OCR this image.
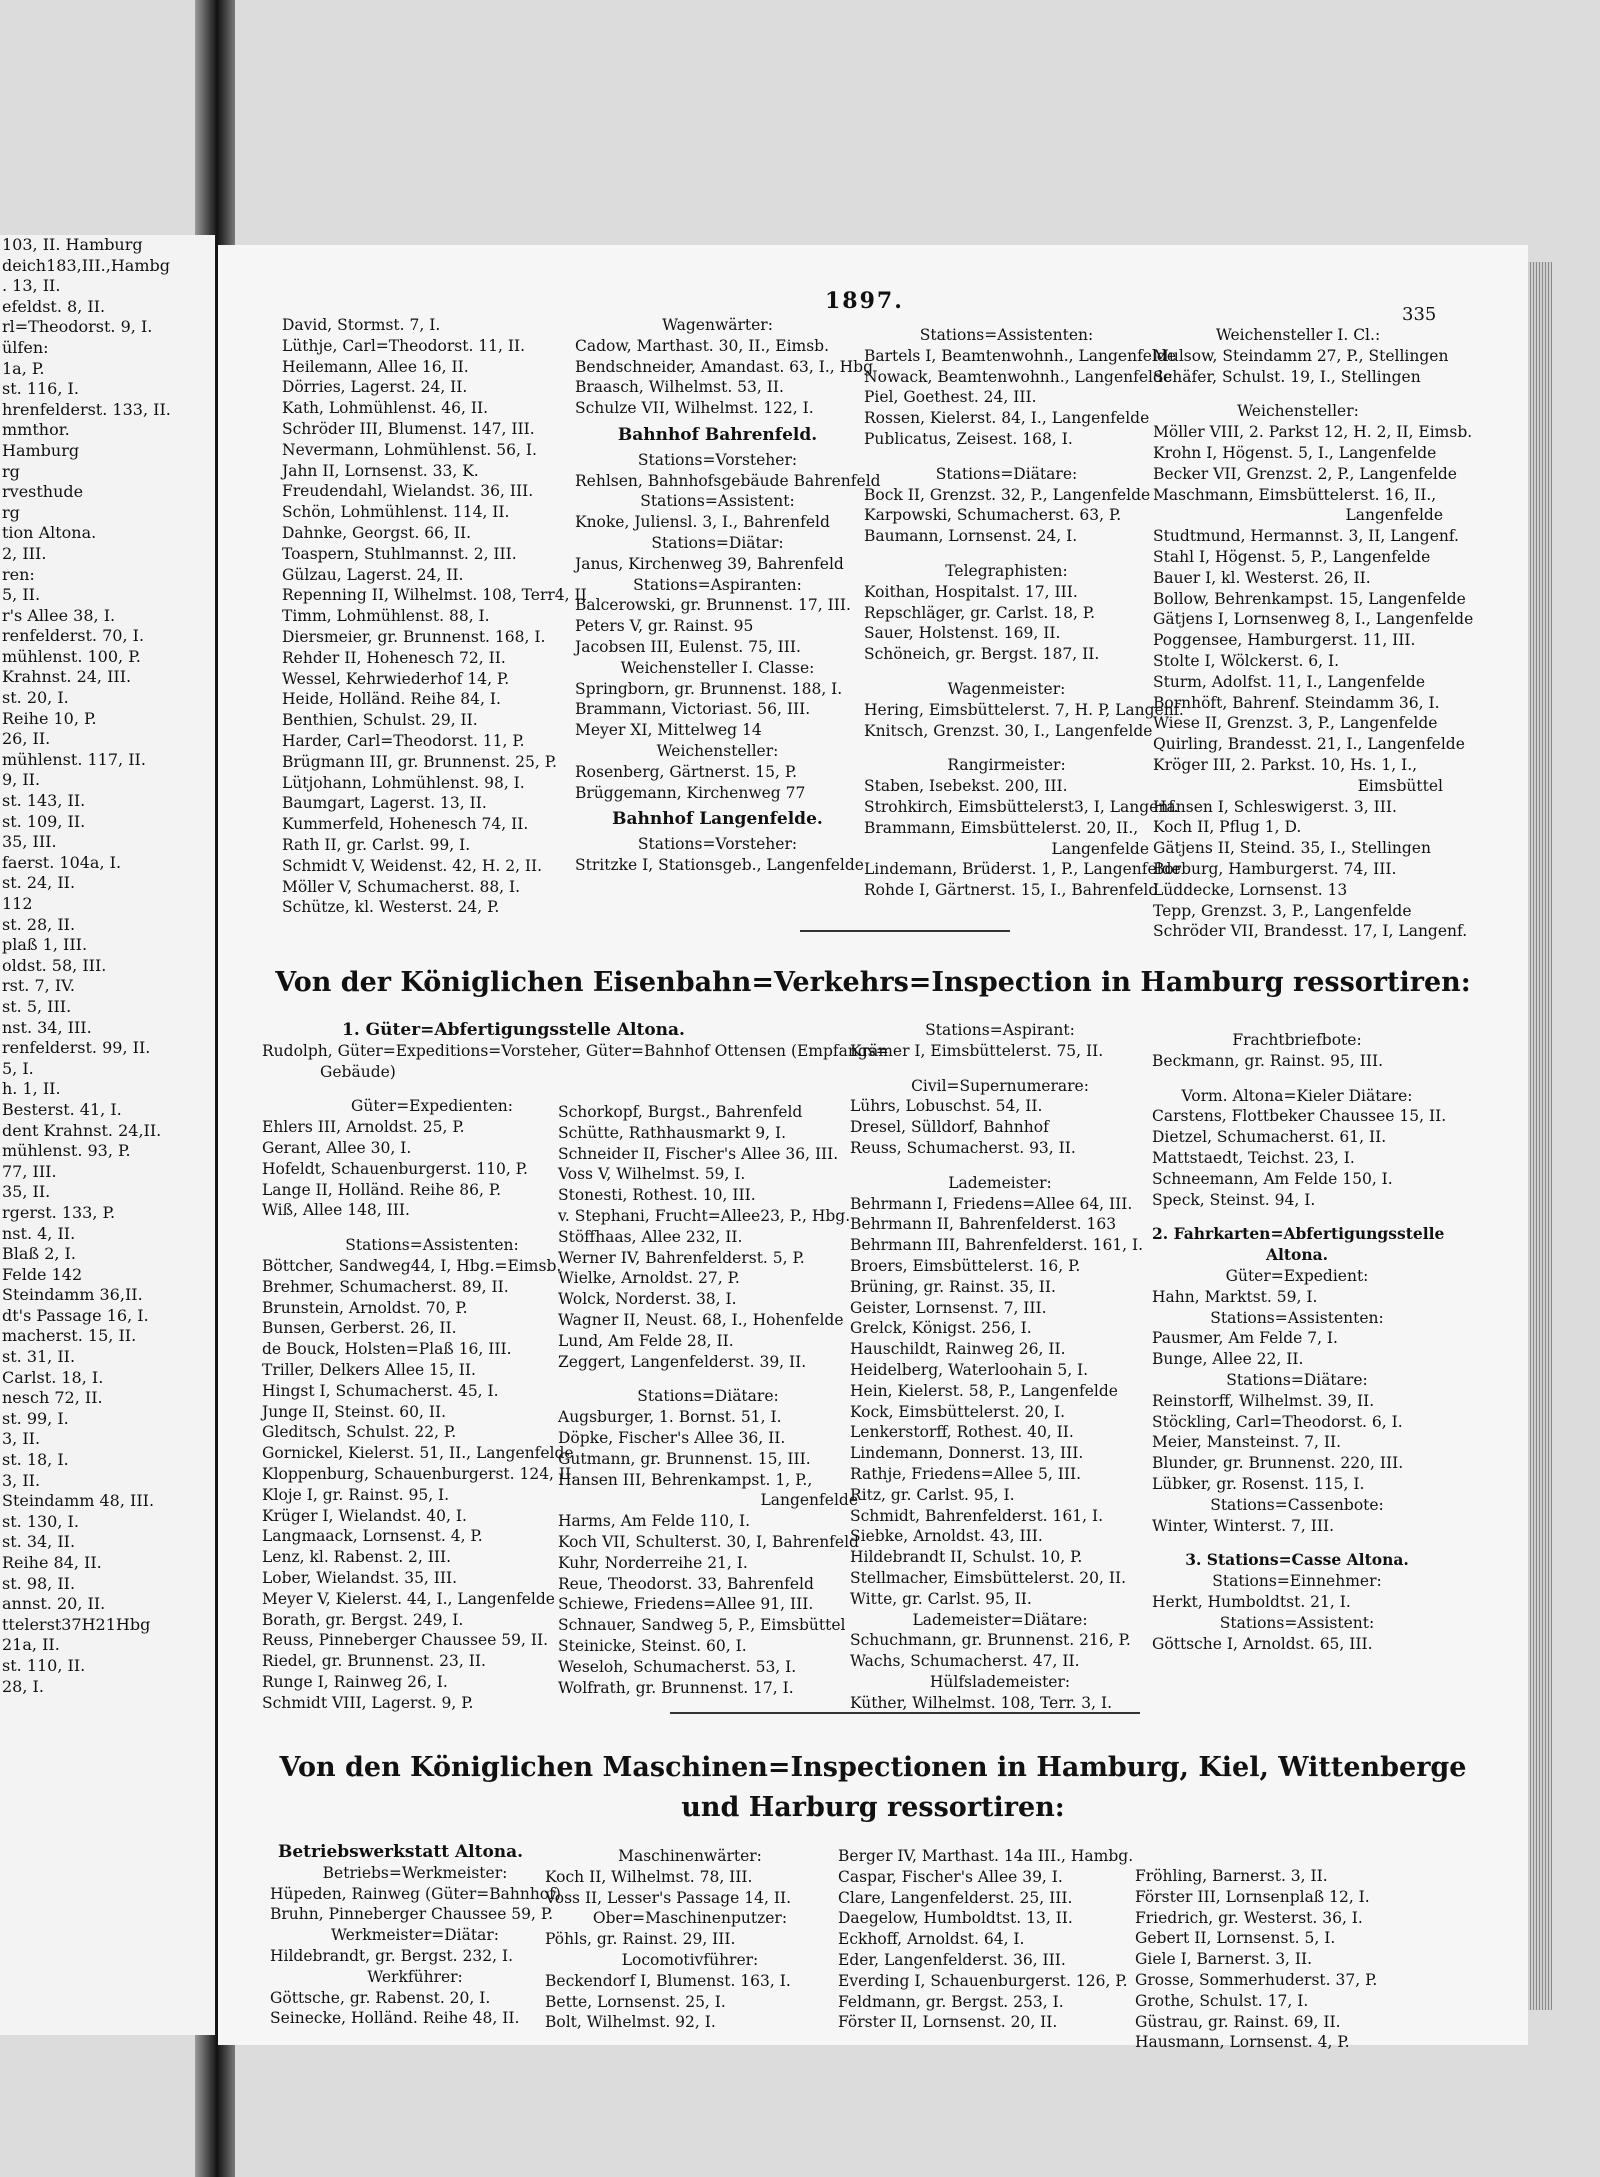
103, II. Hamburg
deich183,III.,Hambg
. 13, II.
efeldst. 8, II.
rl=Theodorst. 9, I.
ülfen:
1a, P.
st. 116, I.
hrenfelderst. 133, II.
mmthor.
Hamburg
rg
rvesthude
rg
tion Altona.
2, III.
ren:
5, II.
r's Allee 38, I.
renfelderst. 70, I.
mühlenst. 100, P.
Krahnst. 24, III.
st. 20, I.
Reihe 10, P.
26, II.
mühlenst. 117, II.
9, II.
st. 143, II.
st. 109, II.
35, III.
faerst. 104a, I.
st. 24, II.
112
st. 28, II.
plaß 1, III.
oldst. 58, III.
rst. 7, IV.
st. 5, III.
nst. 34, III.
renfelderst. 99, II.
5, I.
h. 1, II.
Besterst. 41, I.
dent Krahnst. 24,II.
mühlenst. 93, P.
77, III.
35, II.
rgerst. 133, P.
nst. 4, II.
Blaß 2, I.
Felde 142
Steindamm 36,II.
dt's Passage 16, I.
macherst. 15, II.
st. 31, II.
Carlst. 18, I.
nesch 72, II.
st. 99, I.
3, II.
st. 18, I.
3, II.
Steindamm 48, III.
st. 130, I.
st. 34, II.
Reihe 84, II.
st. 98, II.
annst. 20, II.
ttelerst37H21Hbg
21a, II.
st. 110, II.
28, I.
1897.
335
David, Stormst. 7, I.
Lüthje, Carl=Theodorst. 11, II.
Heilemann, Allee 16, II.
Dörries, Lagerst. 24, II.
Kath, Lohmühlenst. 46, II.
Schröder III, Blumenst. 147, III.
Nevermann, Lohmühlenst. 56, I.
Jahn II, Lornsenst. 33, K.
Freudendahl, Wielandst. 36, III.
Schön, Lohmühlenst. 114, II.
Dahnke, Georgst. 66, II.
Toaspern, Stuhlmannst. 2, III.
Gülzau, Lagerst. 24, II.
Repenning II, Wilhelmst. 108, Terr4, II
Timm, Lohmühlenst. 88, I.
Diersmeier, gr. Brunnenst. 168, I.
Rehder II, Hohenesch 72, II.
Wessel, Kehrwiederhof 14, P.
Heide, Holländ. Reihe 84, I.
Benthien, Schulst. 29, II.
Harder, Carl=Theodorst. 11, P.
Brügmann III, gr. Brunnenst. 25, P.
Lütjohann, Lohmühlenst. 98, I.
Baumgart, Lagerst. 13, II.
Kummerfeld, Hohenesch 74, II.
Rath II, gr. Carlst. 99, I.
Schmidt V, Weidenst. 42, H. 2, II.
Möller V, Schumacherst. 88, I.
Schütze, kl. Westerst. 24, P.
Wagenwärter:
Cadow, Marthast. 30, II., Eimsb.
Bendschneider, Amandast. 63, I., Hbg
Braasch, Wilhelmst. 53, II.
Schulze VII, Wilhelmst. 122, I.
Bahnhof Bahrenfeld.
Stations=Vorsteher:
Rehlsen, Bahnhofsgebäude Bahrenfeld
Stations=Assistent:
Knoke, Juliensl. 3, I., Bahrenfeld
Stations=Diätar:
Janus, Kirchenweg 39, Bahrenfeld
Stations=Aspiranten:
Balcerowski, gr. Brunnenst. 17, III.
Peters V, gr. Rainst. 95
Jacobsen III, Eulenst. 75, III.
Weichensteller I. Classe:
Springborn, gr. Brunnenst. 188, I.
Brammann, Victoriast. 56, III.
Meyer XI, Mittelweg 14
Weichensteller:
Rosenberg, Gärtnerst. 15, P.
Brüggemann, Kirchenweg 77
Bahnhof Langenfelde.
Stations=Vorsteher:
Stritzke I, Stationsgeb., Langenfelde
Stations=Assistenten:
Bartels I, Beamtenwohnh., Langenfelde
Nowack, Beamtenwohnh., Langenfelde
Piel, Goethest. 24, III.
Rossen, Kielerst. 84, I., Langenfelde
Publicatus, Zeisest. 168, I.
Stations=Diätare:
Bock II, Grenzst. 32, P., Langenfelde
Karpowski, Schumacherst. 63, P.
Baumann, Lornsenst. 24, I.
Telegraphisten:
Koithan, Hospitalst. 17, III.
Repschläger, gr. Carlst. 18, P.
Sauer, Holstenst. 169, II.
Schöneich, gr. Bergst. 187, II.
Wagenmeister:
Hering, Eimsbüttelerst. 7, H. P, Langenf.
Knitsch, Grenzst. 30, I., Langenfelde
Rangirmeister:
Staben, Isebekst. 200, III.
Strohkirch, Eimsbüttelerst3, I, Langenf.
Brammann, Eimsbüttelerst. 20, II.,
Langenfelde
Lindemann, Brüderst. 1, P., Langenfelde
Rohde I, Gärtnerst. 15, I., Bahrenfeld
Weichensteller I. Cl.:
Mulsow, Steindamm 27, P., Stellingen
Schäfer, Schulst. 19, I., Stellingen
Weichensteller:
Möller VIII, 2. Parkst 12, H. 2, II, Eimsb.
Krohn I, Högenst. 5, I., Langenfelde
Becker VII, Grenzst. 2, P., Langenfelde
Maschmann, Eimsbüttelerst. 16, II.,
Langenfelde
Studtmund, Hermannst. 3, II, Langenf.
Stahl I, Högenst. 5, P., Langenfelde
Bauer I, kl. Westerst. 26, II.
Bollow, Behrenkampst. 15, Langenfelde
Gätjens I, Lornsenweg 8, I., Langenfelde
Poggensee, Hamburgerst. 11, III.
Stolte I, Wölckerst. 6, I.
Sturm, Adolfst. 11, I., Langenfelde
Bornhöft, Bahrenf. Steindamm 36, I.
Wiese II, Grenzst. 3, P., Langenfelde
Quirling, Brandesst. 21, I., Langenfelde
Kröger III, 2. Parkst. 10, Hs. 1, I.,
Eimsbüttel
Hansen I, Schleswigerst. 3, III.
Koch II, Pflug 1, D.
Gätjens II, Steind. 35, I., Stellingen
Borburg, Hamburgerst. 74, III.
Lüddecke, Lornsenst. 13
Tepp, Grenzst. 3, P., Langenfelde
Schröder VII, Brandesst. 17, I, Langenf.
Von der Königlichen Eisenbahn=Verkehrs=Inspection in Hamburg ressortiren:
1. Güter=Abfertigungsstelle Altona.
Rudolph, Güter=Expeditions=Vorsteher, Güter=Bahnhof Ottensen (Empfangs=
Gebäude)
Güter=Expedienten:
Ehlers III, Arnoldst. 25, P.
Gerant, Allee 30, I.
Hofeldt, Schauenburgerst. 110, P.
Lange II, Holländ. Reihe 86, P.
Wiß, Allee 148, III.
Stations=Assistenten:
Böttcher, Sandweg44, I, Hbg.=Eimsb.
Brehmer, Schumacherst. 89, II.
Brunstein, Arnoldst. 70, P.
Bunsen, Gerberst. 26, II.
de Bouck, Holsten=Plaß 16, III.
Triller, Delkers Allee 15, II.
Hingst I, Schumacherst. 45, I.
Junge II, Steinst. 60, II.
Gleditsch, Schulst. 22, P.
Gornickel, Kielerst. 51, II., Langenfelde
Kloppenburg, Schauenburgerst. 124, II.
Kloje I, gr. Rainst. 95, I.
Krüger I, Wielandst. 40, I.
Langmaack, Lornsenst. 4, P.
Lenz, kl. Rabenst. 2, III.
Lober, Wielandst. 35, III.
Meyer V, Kielerst. 44, I., Langenfelde
Borath, gr. Bergst. 249, I.
Reuss, Pinneberger Chaussee 59, II.
Riedel, gr. Brunnenst. 23, II.
Runge I, Rainweg 26, I.
Schmidt VIII, Lagerst. 9, P.
Schorkopf, Burgst., Bahrenfeld
Schütte, Rathhausmarkt 9, I.
Schneider II, Fischer's Allee 36, III.
Voss V, Wilhelmst. 59, I.
Stonesti, Rothest. 10, III.
v. Stephani, Frucht=Allee23, P., Hbg.
Stöffhaas, Allee 232, II.
Werner IV, Bahrenfelderst. 5, P.
Wielke, Arnoldst. 27, P.
Wolck, Norderst. 38, I.
Wagner II, Neust. 68, I., Hohenfelde
Lund, Am Felde 28, II.
Zeggert, Langenfelderst. 39, II.
Stations=Diätare:
Augsburger, 1. Bornst. 51, I.
Döpke, Fischer's Allee 36, II.
Gutmann, gr. Brunnenst. 15, III.
Hansen III, Behrenkampst. 1, P.,
Langenfelde
Harms, Am Felde 110, I.
Koch VII, Schulterst. 30, I, Bahrenfeld
Kuhr, Norderreihe 21, I.
Reue, Theodorst. 33, Bahrenfeld
Schiewe, Friedens=Allee 91, III.
Schnauer, Sandweg 5, P., Eimsbüttel
Steinicke, Steinst. 60, I.
Weseloh, Schumacherst. 53, I.
Wolfrath, gr. Brunnenst. 17, I.
Stations=Aspirant:
Krämer I, Eimsbüttelerst. 75, II.
Civil=Supernumerare:
Lührs, Lobuschst. 54, II.
Dresel, Sülldorf, Bahnhof
Reuss, Schumacherst. 93, II.
Lademeister:
Behrmann I, Friedens=Allee 64, III.
Behrmann II, Bahrenfelderst. 163
Behrmann III, Bahrenfelderst. 161, I.
Broers, Eimsbüttelerst. 16, P.
Brüning, gr. Rainst. 35, II.
Geister, Lornsenst. 7, III.
Grelck, Königst. 256, I.
Hauschildt, Rainweg 26, II.
Heidelberg, Waterloohain 5, I.
Hein, Kielerst. 58, P., Langenfelde
Kock, Eimsbüttelerst. 20, I.
Lenkerstorff, Rothest. 40, II.
Lindemann, Donnerst. 13, III.
Rathje, Friedens=Allee 5, III.
Ritz, gr. Carlst. 95, I.
Schmidt, Bahrenfelderst. 161, I.
Siebke, Arnoldst. 43, III.
Hildebrandt II, Schulst. 10, P.
Stellmacher, Eimsbüttelerst. 20, II.
Witte, gr. Carlst. 95, II.
Lademeister=Diätare:
Schuchmann, gr. Brunnenst. 216, P.
Wachs, Schumacherst. 47, II.
Hülfslademeister:
Küther, Wilhelmst. 108, Terr. 3, I.
Frachtbriefbote:
Beckmann, gr. Rainst. 95, III.
Vorm. Altona=Kieler Diätare:
Carstens, Flottbeker Chaussee 15, II.
Dietzel, Schumacherst. 61, II.
Mattstaedt, Teichst. 23, I.
Schneemann, Am Felde 150, I.
Speck, Steinst. 94, I.
2. Fahrkarten=Abfertigungsstelle
Altona.
Güter=Expedient:
Hahn, Marktst. 59, I.
Stations=Assistenten:
Pausmer, Am Felde 7, I.
Bunge, Allee 22, II.
Stations=Diätare:
Reinstorff, Wilhelmst. 39, II.
Stöckling, Carl=Theodorst. 6, I.
Meier, Mansteinst. 7, II.
Blunder, gr. Brunnenst. 220, III.
Lübker, gr. Rosenst. 115, I.
Stations=Cassenbote:
Winter, Winterst. 7, III.
3. Stations=Casse Altona.
Stations=Einnehmer:
Herkt, Humboldtst. 21, I.
Stations=Assistent:
Göttsche I, Arnoldst. 65, III.
Von den Königlichen Maschinen=Inspectionen in Hamburg, Kiel, Wittenberge
und Harburg ressortiren:
Betriebswerkstatt Altona.
Betriebs=Werkmeister:
Hüpeden, Rainweg (Güter=Bahnhof)
Bruhn, Pinneberger Chaussee 59, P.
Werkmeister=Diätar:
Hildebrandt, gr. Bergst. 232, I.
Werkführer:
Göttsche, gr. Rabenst. 20, I.
Seinecke, Holländ. Reihe 48, II.
Maschinenwärter:
Koch II, Wilhelmst. 78, III.
Voss II, Lesser's Passage 14, II.
Ober=Maschinenputzer:
Pöhls, gr. Rainst. 29, III.
Locomotivführer:
Beckendorf I, Blumenst. 163, I.
Bette, Lornsenst. 25, I.
Bolt, Wilhelmst. 92, I.
Berger IV, Marthast. 14a III., Hambg.
Caspar, Fischer's Allee 39, I.
Clare, Langenfelderst. 25, III.
Daegelow, Humboldtst. 13, II.
Eckhoff, Arnoldst. 64, I.
Eder, Langenfelderst. 36, III.
Everding I, Schauenburgerst. 126, P.
Feldmann, gr. Bergst. 253, I.
Förster II, Lornsenst. 20, II.
Fröhling, Barnerst. 3, II.
Förster III, Lornsenplaß 12, I.
Friedrich, gr. Westerst. 36, I.
Gebert II, Lornsenst. 5, I.
Giele I, Barnerst. 3, II.
Grosse, Sommerhuderst. 37, P.
Grothe, Schulst. 17, I.
Güstrau, gr. Rainst. 69, II.
Hausmann, Lornsenst. 4, P.
